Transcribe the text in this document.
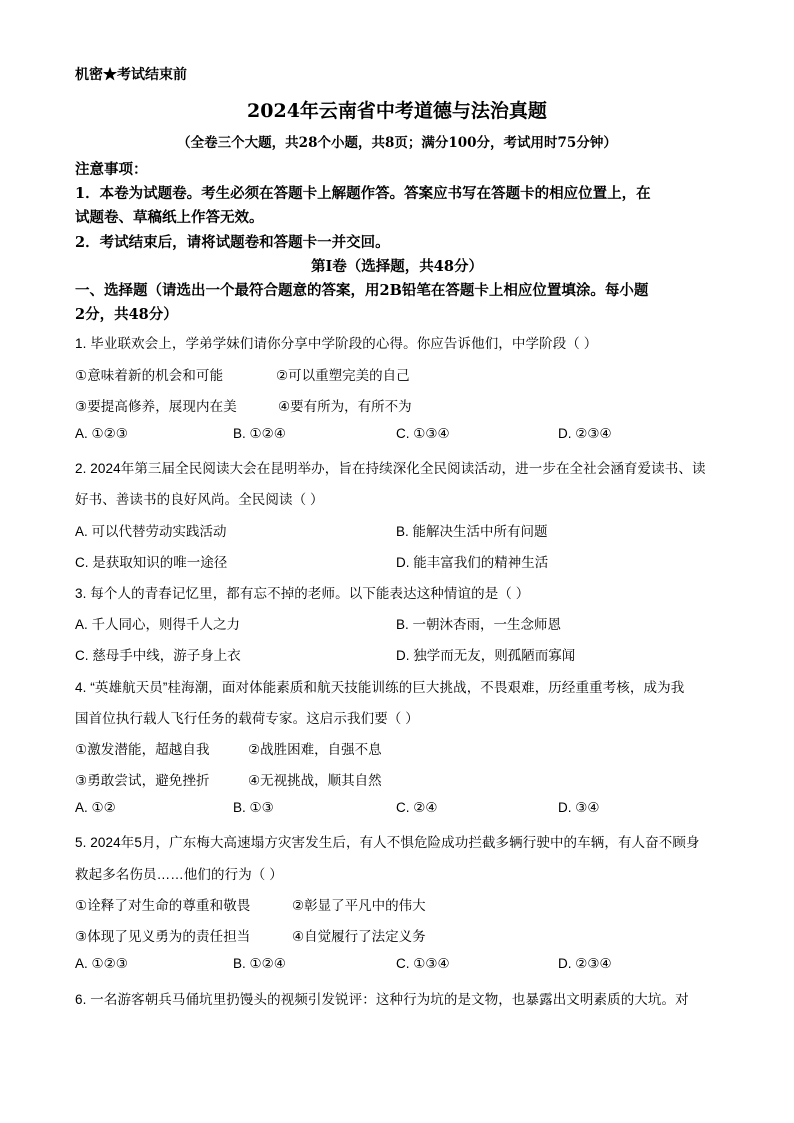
机密★考试结束前
2024年云南省中考道德与法治真题
（全卷三个大题，共28个小题，共8页；满分100分，考试用时75分钟）
注意事项：
1．本卷为试题卷。考生必须在答题卡上解题作答。答案应书写在答题卡的相应位置上，在
试题卷、草稿纸上作答无效。
2．考试结束后，请将试题卷和答题卡一并交回。
第Ⅰ卷（选择题，共48分）
一、选择题（请选出一个最符合题意的答案，用2B铅笔在答题卡上相应位置填涂。每小题
2分，共48分）
1. 毕业联欢会上，学弟学妹们请你分享中学阶段的心得。你应告诉他们，中学阶段（ ）
①意味着新的机会和可能	②可以重塑完美的自己
③要提高修养，展现内在美	④要有所为，有所不为
A. ①②③	B. ①②④	C. ①③④	D. ②③④
2. 2024年第三届全民阅读大会在昆明举办，旨在持续深化全民阅读活动，进一步在全社会涵育爱读书、读
好书、善读书的良好风尚。全民阅读（ ）
A. 可以代替劳动实践活动	B. 能解决生活中所有问题
C. 是获取知识的唯一途径	D. 能丰富我们的精神生活
3. 每个人的青春记忆里，都有忘不掉的老师。以下能表达这种情谊的是（ ）
A. 千人同心，则得千人之力	B. 一朝沐杏雨，一生念师恩
C. 慈母手中线，游子身上衣	D. 独学而无友，则孤陋而寡闻
4. “英雄航天员”桂海潮，面对体能素质和航天技能训练的巨大挑战，不畏艰难，历经重重考核，成为我
国首位执行载人飞行任务的载荷专家。这启示我们要（ ）
①激发潜能，超越自我	②战胜困难，自强不息
③勇敢尝试，避免挫折	④无视挑战，顺其自然
A. ①②	B. ①③	C. ②④	D. ③④
5. 2024年5月，广东梅大高速塌方灾害发生后，有人不惧危险成功拦截多辆行驶中的车辆，有人奋不顾身
救起多名伤员……他们的行为（ ）
①诠释了对生命的尊重和敬畏	②彰显了平凡中的伟大
③体现了见义勇为的责任担当	④自觉履行了法定义务
A. ①②③	B. ①②④	C. ①③④	D. ②③④
6. 一名游客朝兵马俑坑里扔馒头的视频引发锐评：这种行为坑的是文物，也暴露出文明素质的大坑。对
